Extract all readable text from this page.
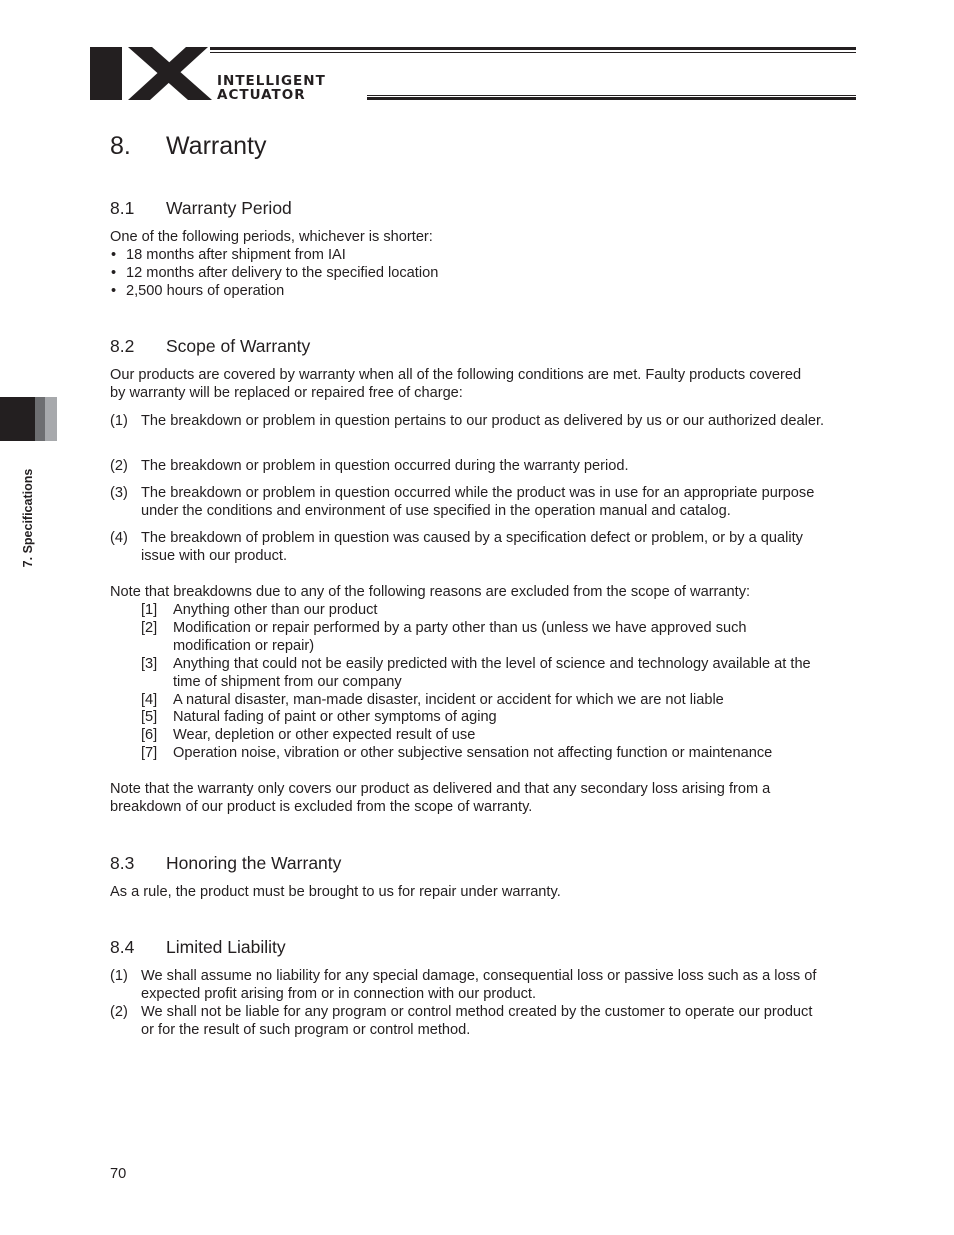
INTELLIGENT
ACTUATOR
7. Specifications
8. Warranty
8.1 Warranty Period
One of the following periods, whichever is shorter:
• 18 months after shipment from IAI
• 12 months after delivery to the specified location
• 2,500 hours of operation
8.2 Scope of Warranty
Our products are covered by warranty when all of the following conditions are met. Faulty products covered by warranty will be replaced or repaired free of charge:
(1) The breakdown or problem in question pertains to our product as delivered by us or our authorized dealer.
(2) The breakdown or problem in question occurred during the warranty period.
(3) The breakdown or problem in question occurred while the product was in use for an appropriate purpose under the conditions and environment of use specified in the operation manual and catalog.
(4) The breakdown of problem in question was caused by a specification defect or problem, or by a quality issue with our product.
Note that breakdowns due to any of the following reasons are excluded from the scope of warranty:
[1] Anything other than our product
[2] Modification or repair performed by a party other than us (unless we have approved such modification or repair)
[3] Anything that could not be easily predicted with the level of science and technology available at the time of shipment from our company
[4] A natural disaster, man-made disaster, incident or accident for which we are not liable
[5] Natural fading of paint or other symptoms of aging
[6] Wear, depletion or other expected result of use
[7] Operation noise, vibration or other subjective sensation not affecting function or maintenance
Note that the warranty only covers our product as delivered and that any secondary loss arising from a breakdown of our product is excluded from the scope of warranty.
8.3 Honoring the Warranty
As a rule, the product must be brought to us for repair under warranty.
8.4 Limited Liability
(1) We shall assume no liability for any special damage, consequential loss or passive loss such as a loss of expected profit arising from or in connection with our product.
(2) We shall not be liable for any program or control method created by the customer to operate our product or for the result of such program or control method.
70
